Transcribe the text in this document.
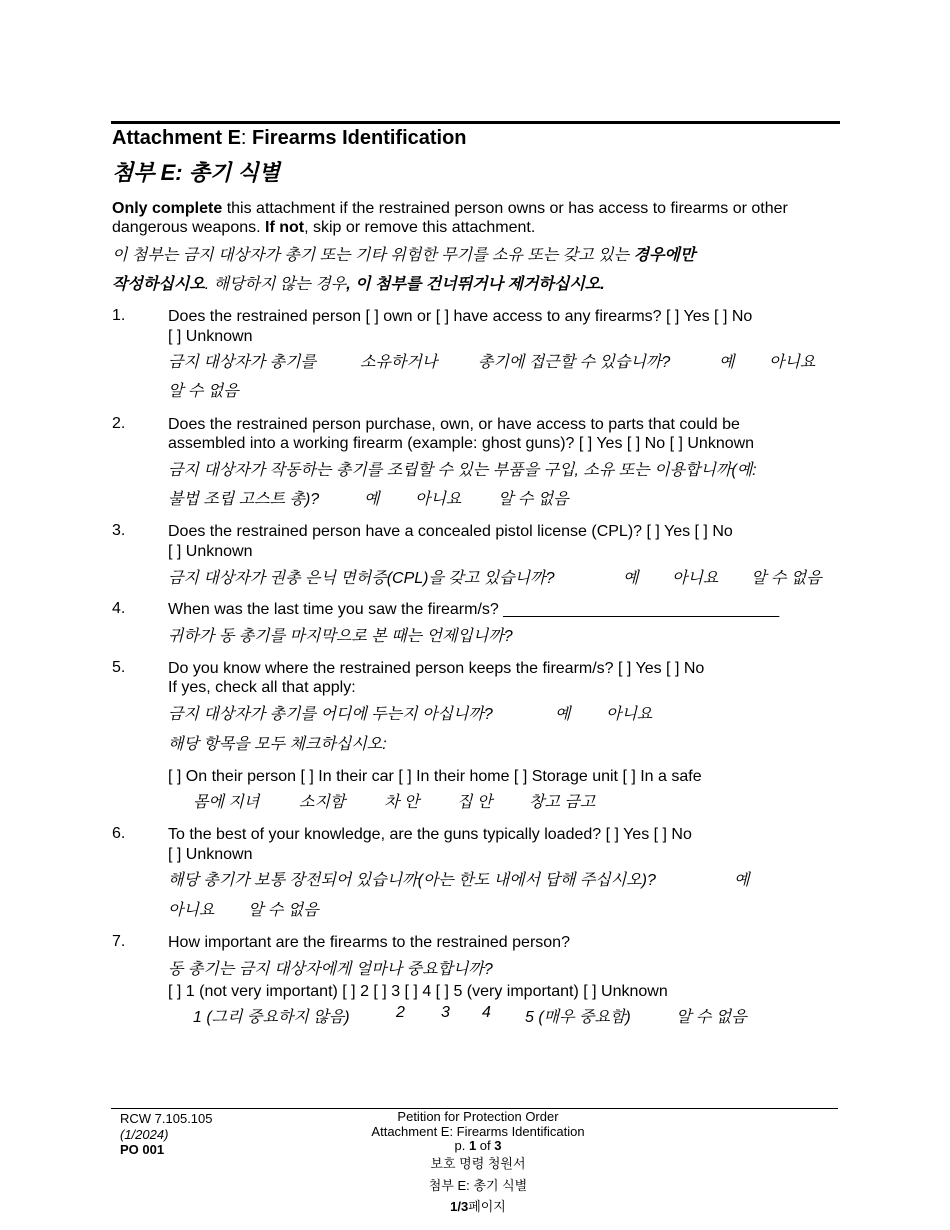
Attachment E: Firearms Identification
첨부 E: 총기 식별
Only complete this attachment if the restrained person owns or has access to firearms or other
dangerous weapons. If not, skip or remove this attachment.
이 첨부는 금지 대상자가 총기 또는 기타 위험한 무기를 소유 또는 갖고 있는 경우에만
작성하십시오. 해당하지 않는 경우, 이 첨부를 건너뛰거나 제거하십시오.
1.	Does the restrained person [ ] own or [ ] have access to any firearms? [ ] Yes [ ] No
[ ] Unknown
금지 대상자가 총기를	소유하거나	총기에 접근할 수 있습니까?	예 아니요
알 수 없음
2.	Does the restrained person purchase, own, or have access to parts that could be
assembled into a working firearm (example: ghost guns)? [ ] Yes [ ] No [ ] Unknown
금지 대상자가 작동하는 총기를 조립할 수 있는 부품을 구입, 소유 또는 이용합니까(예:
불법 조립 고스트 총)?	예 아니요 알 수 없음
3.	Does the restrained person have a concealed pistol license (CPL)? [ ] Yes [ ] No
[ ] Unknown
금지 대상자가 권총 은닉 면허증(CPL)을 갖고 있습니까?	예 아니요 알 수 없음
4.	When was the last time you saw the firearm/s? _______________________________
귀하가 동 총기를 마지막으로 본 때는 언제입니까?
5.	Do you know where the restrained person keeps the firearm/s? [ ] Yes [ ] No
If yes, check all that apply:
금지 대상자가 총기를 어디에 두는지 아십니까?	예 아니요
해당 항목을 모두 체크하십시오:
[ ] On their person [ ] In their car [ ] In their home [ ] Storage unit [ ] In a safe
몸에 지녀 소지함 차 안 집 안 창고 금고
6.	To the best of your knowledge, are the guns typically loaded? [ ] Yes [ ] No
[ ] Unknown
해당 총기가 보통 장전되어 있습니까(아는 한도 내에서 답해 주십시오)?	예
아니요 알 수 없음
7.	How important are the firearms to the restrained person?
동 총기는 금지 대상자에게 얼마나 중요합니까?
[ ] 1 (not very important) [ ] 2 [ ] 3 [ ] 4 [ ] 5 (very important) [ ] Unknown
1 (그리 중요하지 않음)	2 3 4 5 (매우 중요함)	알 수 없음
RCW 7.105.105
(1/2024)
PO 001
Petition for Protection Order
Attachment E: Firearms Identification
p. 1 of 3
보호 명령 청원서
첨부 E: 총기 식별
1/3페이지
